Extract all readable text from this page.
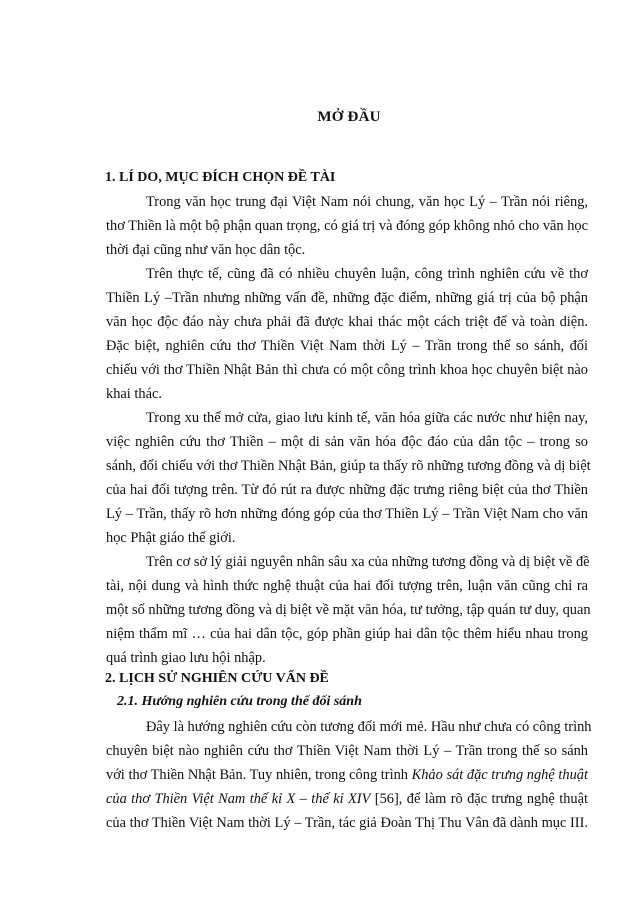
MỞ ĐẦU
1. LÍ DO, MỤC ĐÍCH CHỌN ĐỀ TÀI
Trong văn học trung đại Việt Nam nói chung, văn học Lý – Trần nói riêng,
thơ Thiền là một bộ phận quan trọng, có giá trị và đóng góp không nhỏ cho văn học
thời đại cũng như văn học dân tộc.
Trên thực tế, cũng đã có nhiều chuyên luận, công trình nghiên cứu về thơ
Thiền Lý –Trần nhưng những vấn đề, những đặc điểm, những giá trị của bộ phận
văn học độc đáo này chưa phải đã được khai thác một cách triệt để và toàn diện.
Đặc biệt, nghiên cứu thơ Thiền Việt Nam thời Lý – Trần trong thế so sánh, đối
chiếu với thơ Thiền Nhật Bản thì chưa có một công trình khoa học chuyên biệt nào
khai thác.
Trong xu thế mở cửa, giao lưu kinh tế, văn hóa giữa các nước như hiện nay,
việc nghiên cứu thơ Thiền – một di sản văn hóa độc đáo của dân tộc – trong so
sánh, đối chiếu với thơ Thiền Nhật Bản, giúp ta thấy rõ những tương đồng và dị biệt
của hai đối tượng trên. Từ đó rút ra được những đặc trưng riêng biệt của thơ Thiền
Lý – Trần, thấy rõ hơn những đóng góp của thơ Thiền Lý – Trần Việt Nam cho văn
học Phật giáo thế giới.
Trên cơ sở lý giải nguyên nhân sâu xa của những tương đồng và dị biệt về đề
tài, nội dung và hình thức nghệ thuật của hai đối tượng trên, luận văn cũng chỉ ra
một số những tương đồng và dị biệt về mặt văn hóa, tư tưởng, tập quán tư duy, quan
niệm thẩm mĩ … của hai dân tộc, góp phần giúp hai dân tộc thêm hiểu nhau trong
quá trình giao lưu hội nhập.
2. LỊCH SỬ NGHIÊN CỨU VẤN ĐỀ
2.1. Hướng nghiên cứu trong thế đối sánh
Đây là hướng nghiên cứu còn tương đối mới mẻ. Hầu như chưa có công trình
chuyên biệt nào nghiên cứu thơ Thiền Việt Nam thời Lý – Trần trong thế so sánh
với thơ Thiền Nhật Bản. Tuy nhiên, trong công trình Khảo sát đặc trưng nghệ thuật
của thơ Thiền Việt Nam thế kỉ X – thế kỉ XIV [56], để làm rõ đặc trưng nghệ thuật
của thơ Thiền Việt Nam thời Lý – Trần, tác giả Đoàn Thị Thu Vân đã dành mục III.
